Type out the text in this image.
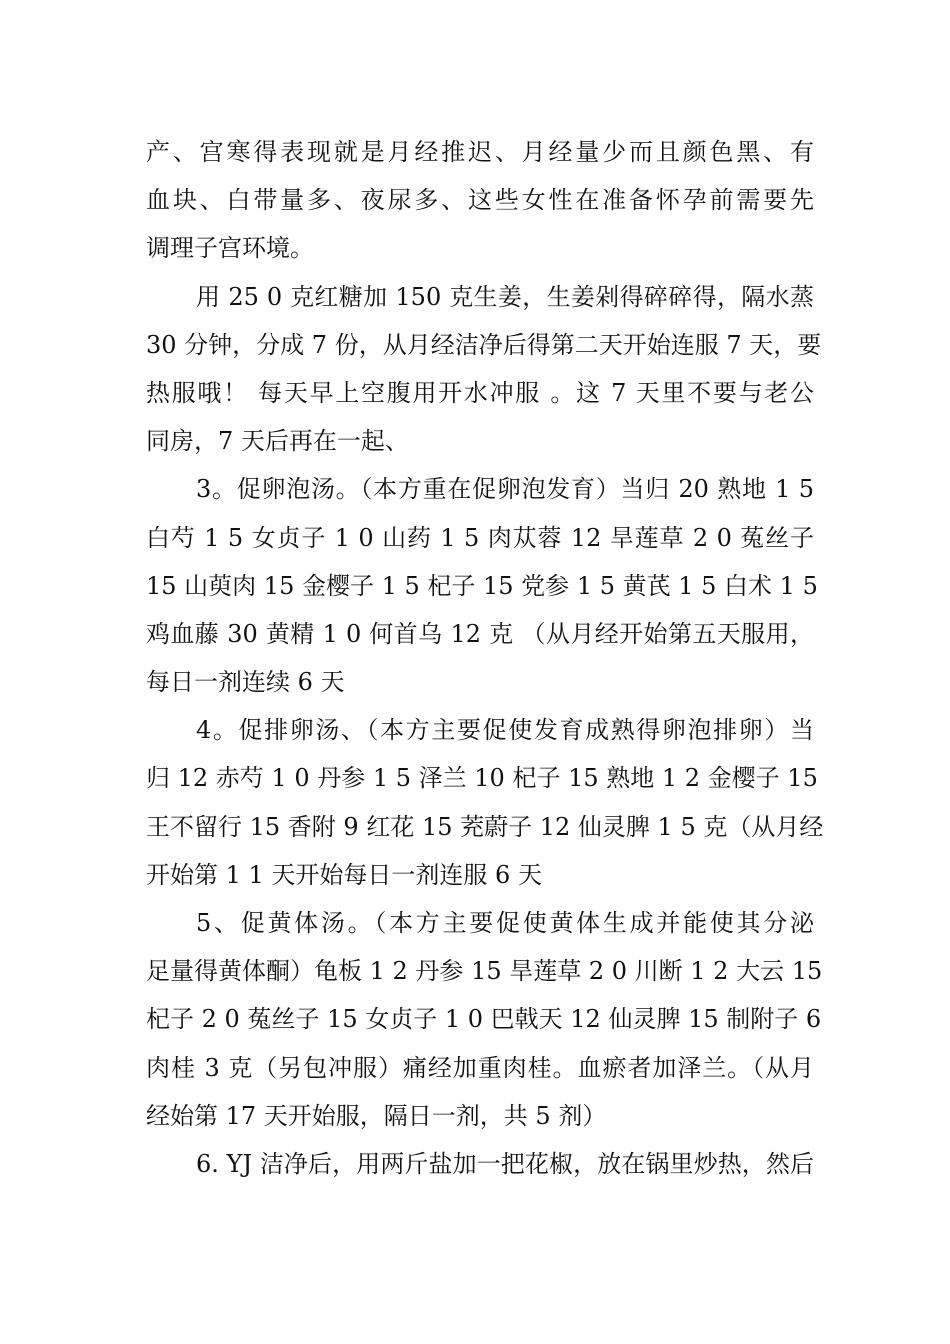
产、宫寒得表现就是月经推迟、月经量少而且颜色黑、有
血块、白带量多、夜尿多、这些女性在准备怀孕前需要先
调理子宫环境。
用 25 0 克红糖加 150 克生姜，生姜剁得碎碎得，隔水蒸
30 分钟，分成 7 份，从月经洁净后得第二天开始连服 7 天，要
热服哦！ 每天早上空腹用开水冲服 。这 7 天里不要与老公
同房，7 天后再在一起、
3。促卵泡汤。（本方重在促卵泡发育）当归 20 熟地 1 5
白芍 1 5 女贞子 1 0 山药 1 5 肉苁蓉 12 旱莲草 2 0 菟丝子
15 山萸肉 15 金樱子 1 5 杞子 15 党参 1 5 黄芪 1 5 白术 1 5
鸡血藤 30 黄精 1 0 何首乌 12 克 （从月经开始第五天服用，
每日一剂连续 6 天
4。促排卵汤、（本方主要促使发育成熟得卵泡排卵）当
归 12 赤芍 1 0 丹参 1 5 泽兰 10 杞子 15 熟地 1 2 金樱子 15
王不留行 15 香附 9 红花 15 茺蔚子 12 仙灵脾 1 5 克（从月经
开始第 1 1 天开始每日一剂连服 6 天
5、促黄体汤。（本方主要促使黄体生成并能使其分泌
足量得黄体酮）龟板 1 2 丹参 15 旱莲草 2 0 川断 1 2 大云 15
杞子 2 0 菟丝子 15 女贞子 1 0 巴戟天 12 仙灵脾 15 制附子 6
肉桂 3 克（另包冲服）痛经加重肉桂。血瘀者加泽兰。（从月
经始第 17 天开始服，隔日一剂，共 5 剂）
6. YJ 洁净后，用两斤盐加一把花椒，放在锅里炒热，然后
